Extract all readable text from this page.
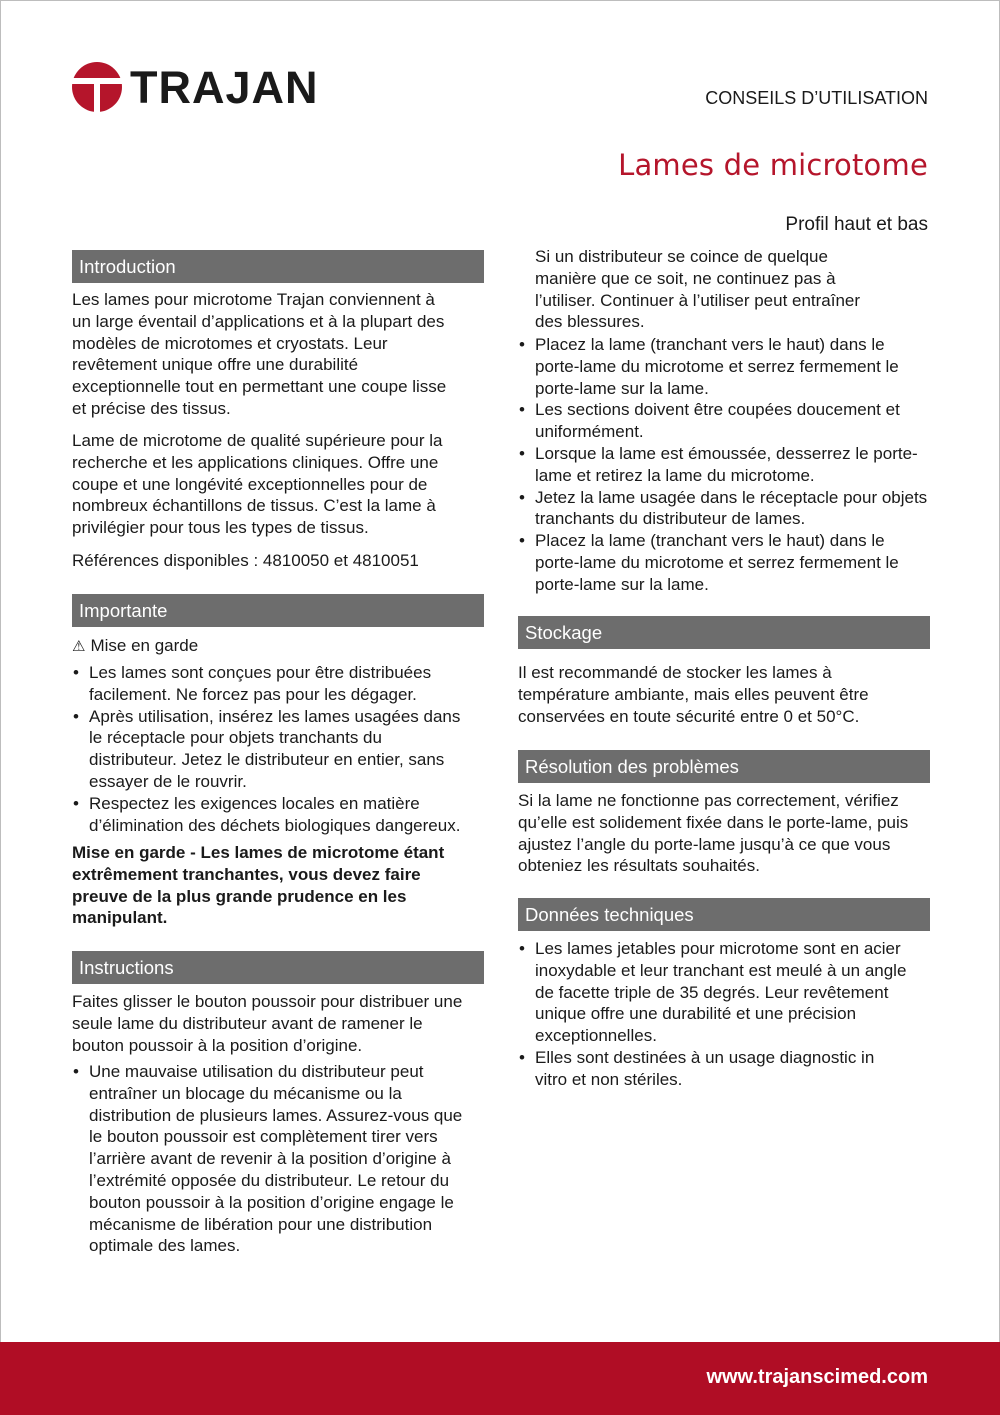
TRAJAN	CONSEILS D’UTILISATION
Lames de microtome
Profil haut et bas
Introduction

Les lames pour microtome Trajan conviennent à un large éventail d’applications et à la plupart des modèles de microtomes et cryostats. Leur revêtement unique offre une durabilité exceptionnelle tout en permettant une coupe lisse et précise des tissus.

Lame de microtome de qualité supérieure pour la recherche et les applications cliniques. Offre une coupe et une longévité exceptionnelles pour de nombreux échantillons de tissus. C’est la lame à privilégier pour tous les types de tissus.

Références disponibles : 4810050 et 4810051

Importante
⚠ Mise en garde
• Les lames sont conçues pour être distribuées facilement. Ne forcez pas pour les dégager.
• Après utilisation, insérez les lames usagées dans le réceptacle pour objets tranchants du distributeur. Jetez le distributeur en entier, sans essayer de le rouvrir.
• Respectez les exigences locales en matière d’élimination des déchets biologiques dangereux.

Mise en garde - Les lames de microtome étant extrêmement tranchantes, vous devez faire preuve de la plus grande prudence en les manipulant.

Instructions

Faites glisser le bouton poussoir pour distribuer une seule lame du distributeur avant de ramener le bouton poussoir à la position d’origine.

• Une mauvaise utilisation du distributeur peut entraîner un blocage du mécanisme ou la distribution de plusieurs lames. Assurez-vous que le bouton poussoir est complètement tirer vers l’arrière avant de revenir à la position d’origine à l’extrémité opposée du distributeur. Le retour du bouton poussoir à la position d’origine engage le mécanisme de libération pour une distribution optimale des lames.

Si un distributeur se coince de quelque manière que ce soit, ne continuez pas à l’utiliser. Continuer à l’utiliser peut entraîner des blessures.

• Placez la lame (tranchant vers le haut) dans le porte-lame du microtome et serrez fermement le porte-lame sur la lame.
• Les sections doivent être coupées doucement et uniformément.
• Lorsque la lame est émoussée, desserrez le porte-lame et retirez la lame du microtome.
• Jetez la lame usagée dans le réceptacle pour objets tranchants du distributeur de lames.
• Placez la lame (tranchant vers le haut) dans le porte-lame du microtome et serrez fermement le porte-lame sur la lame.
Stockage

Il est recommandé de stocker les lames à température ambiante, mais elles peuvent être conservées en toute sécurité entre 0 et 50°C.

Résolution des problèmes

Si la lame ne fonctionne pas correctement, vérifiez qu’elle est solidement fixée dans le porte-lame, puis ajustez l’angle du porte-lame jusqu’à ce que vous obteniez les résultats souhaités.

Données techniques
• Les lames jetables pour microtome sont en acier inoxydable et leur tranchant est meulé à un angle de facette triple de 35 degrés. Leur revêtement unique offre une durabilité et une précision exceptionnelles.
• Elles sont destinées à un usage diagnostic in vitro et non stériles.
www.trajanscimed.com
